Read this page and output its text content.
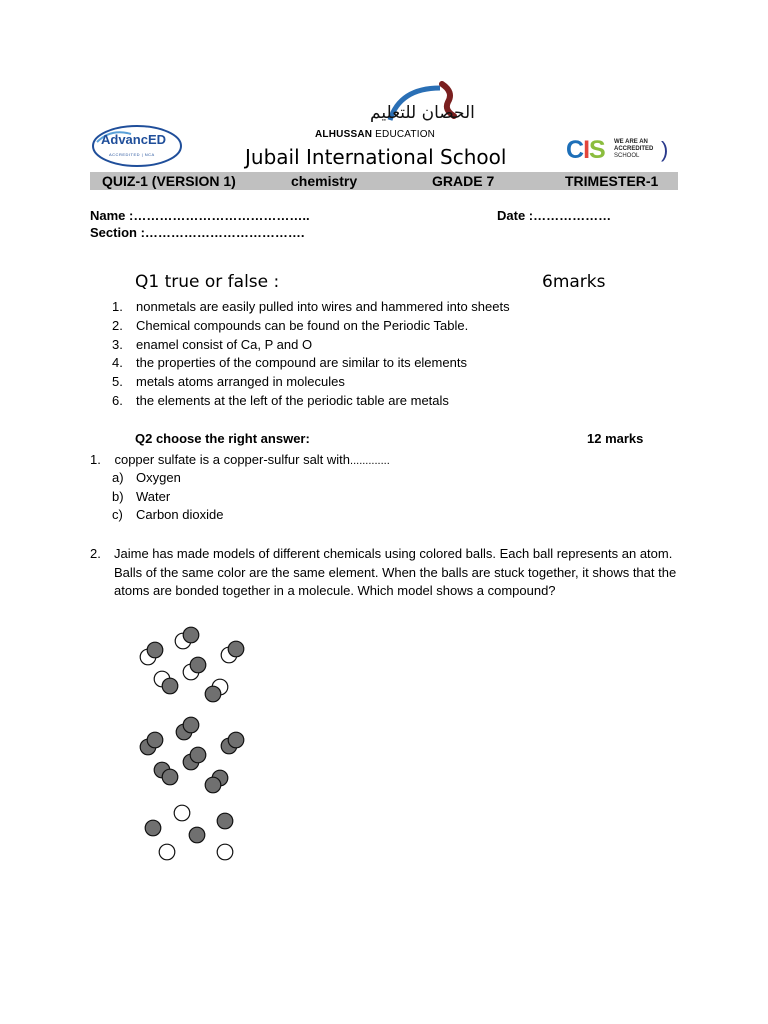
الحصان للتعليم
ALHUSSAN EDUCATION
AdvancED
ACCREDITED | NCA	CIS WE ARE AN
ACCREDITED
SCHOOL )
Jubail International School
QUIZ-1 (VERSION 1)	chemistry	GRADE 7	TRIMESTER-1
Name :…………………………………..	Date :………………
Section :……………………………….
Q1 true or false :	6marks
1. nonmetals are easily pulled into wires and hammered into sheets
2. Chemical compounds can be found on the Periodic Table.
3. enamel consist of Ca, P and O
4. the properties of the compound are similar to its elements
5. metals atoms arranged in molecules
6. the elements at the left of the periodic table are metals
Q2 choose the right answer:	12 marks
1. copper sulfate is a copper-sulfur salt with.............
a) Oxygen
b) Water
c) Carbon dioxide
2. Jaime has made models of different chemicals using colored balls. Each ball represents an atom. Balls of the same color are the same element. When the balls are stuck together, it shows that the atoms are bonded together in a molecule. Which model shows a compound?
